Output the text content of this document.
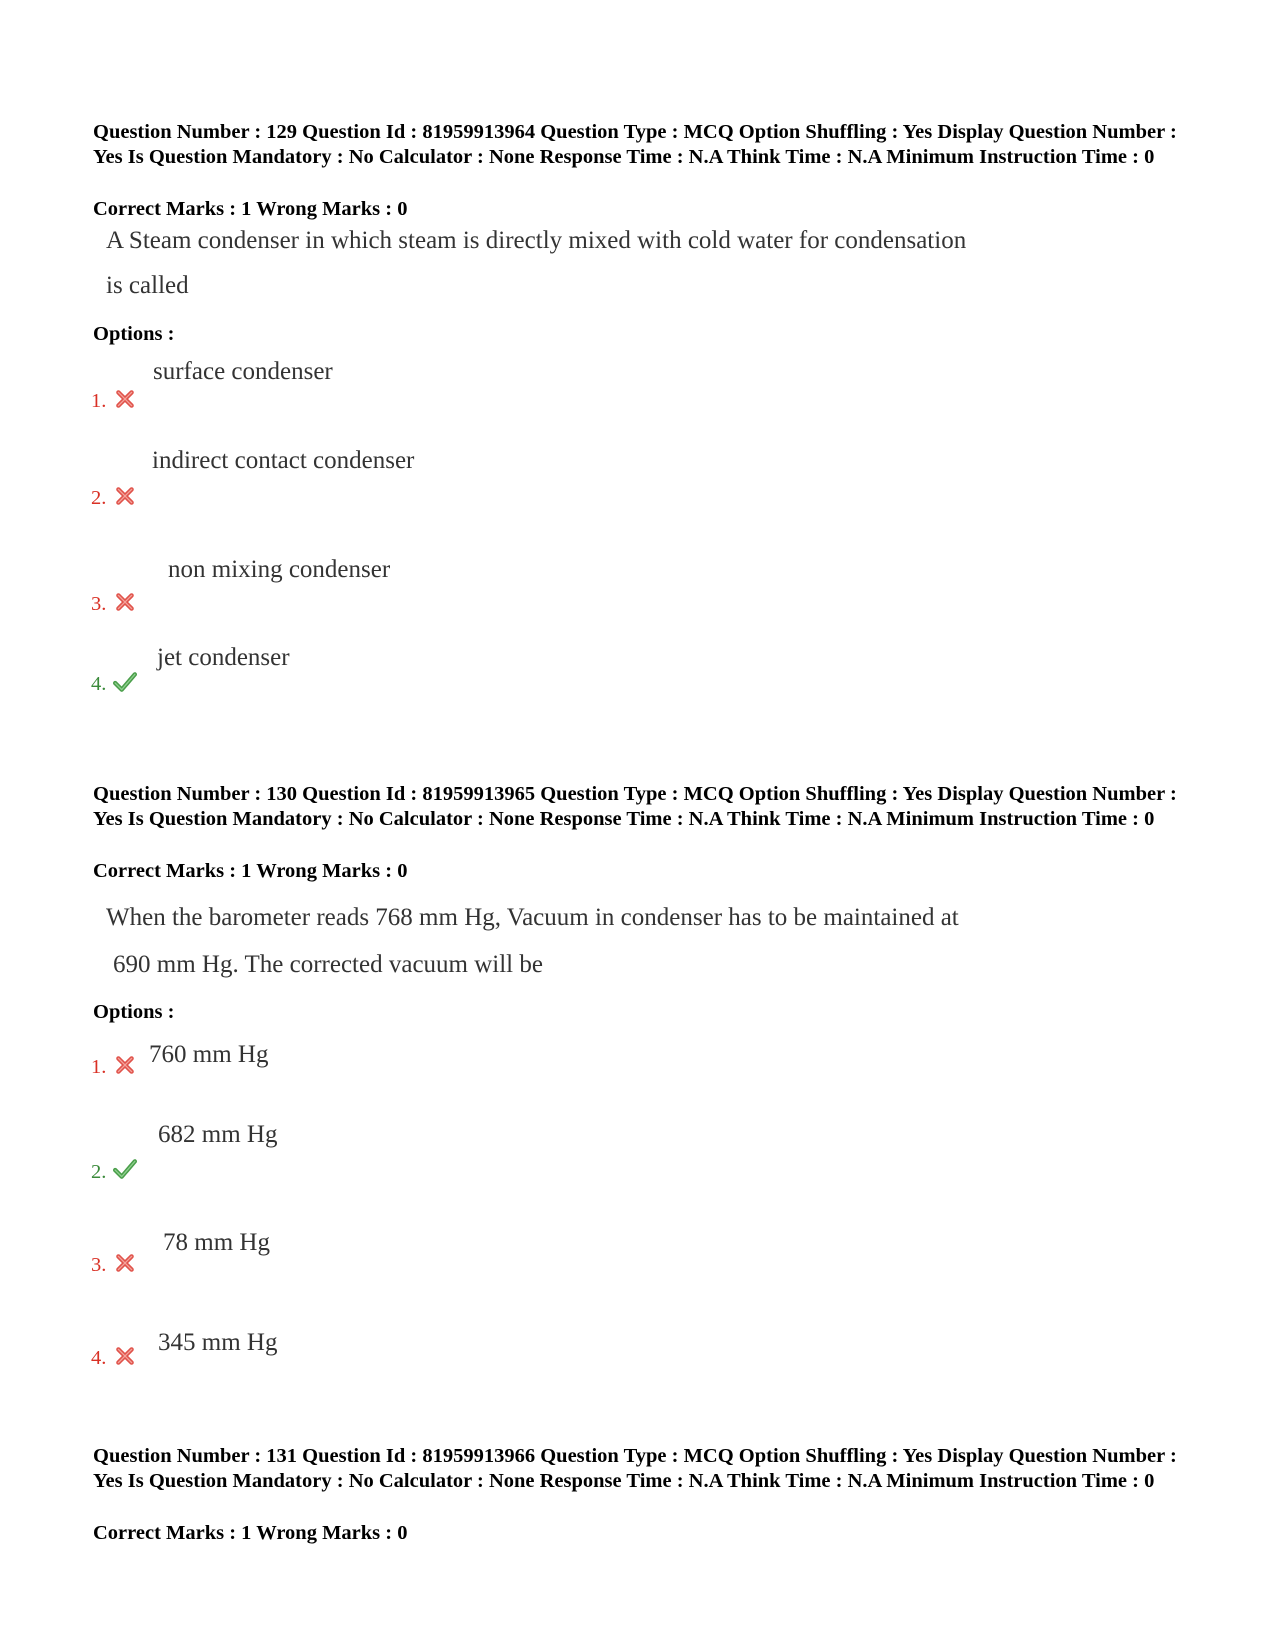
Question Number : 129 Question Id : 81959913964 Question Type : MCQ Option Shuffling : Yes Display Question Number : Yes Is Question Mandatory : No Calculator : None Response Time : N.A Think Time : N.A Minimum Instruction Time : 0

Correct Marks : 1 Wrong Marks : 0
A Steam condenser in which steam is directly mixed with cold water for condensation
is called
Options :
surface condenser
1.
indirect contact condenser
2.
non mixing condenser
3.
jet condenser
4.

Question Number : 130 Question Id : 81959913965 Question Type : MCQ Option Shuffling : Yes Display Question Number : Yes Is Question Mandatory : No Calculator : None Response Time : N.A Think Time : N.A Minimum Instruction Time : 0

Correct Marks : 1 Wrong Marks : 0
When the barometer reads 768 mm Hg, Vacuum in condenser has to be maintained at
690 mm Hg. The corrected vacuum will be
Options :
760 mm Hg
1.
682 mm Hg
2.
78 mm Hg
3.
345 mm Hg
4.

Question Number : 131 Question Id : 81959913966 Question Type : MCQ Option Shuffling : Yes Display Question Number : Yes Is Question Mandatory : No Calculator : None Response Time : N.A Think Time : N.A Minimum Instruction Time : 0

Correct Marks : 1 Wrong Marks : 0
